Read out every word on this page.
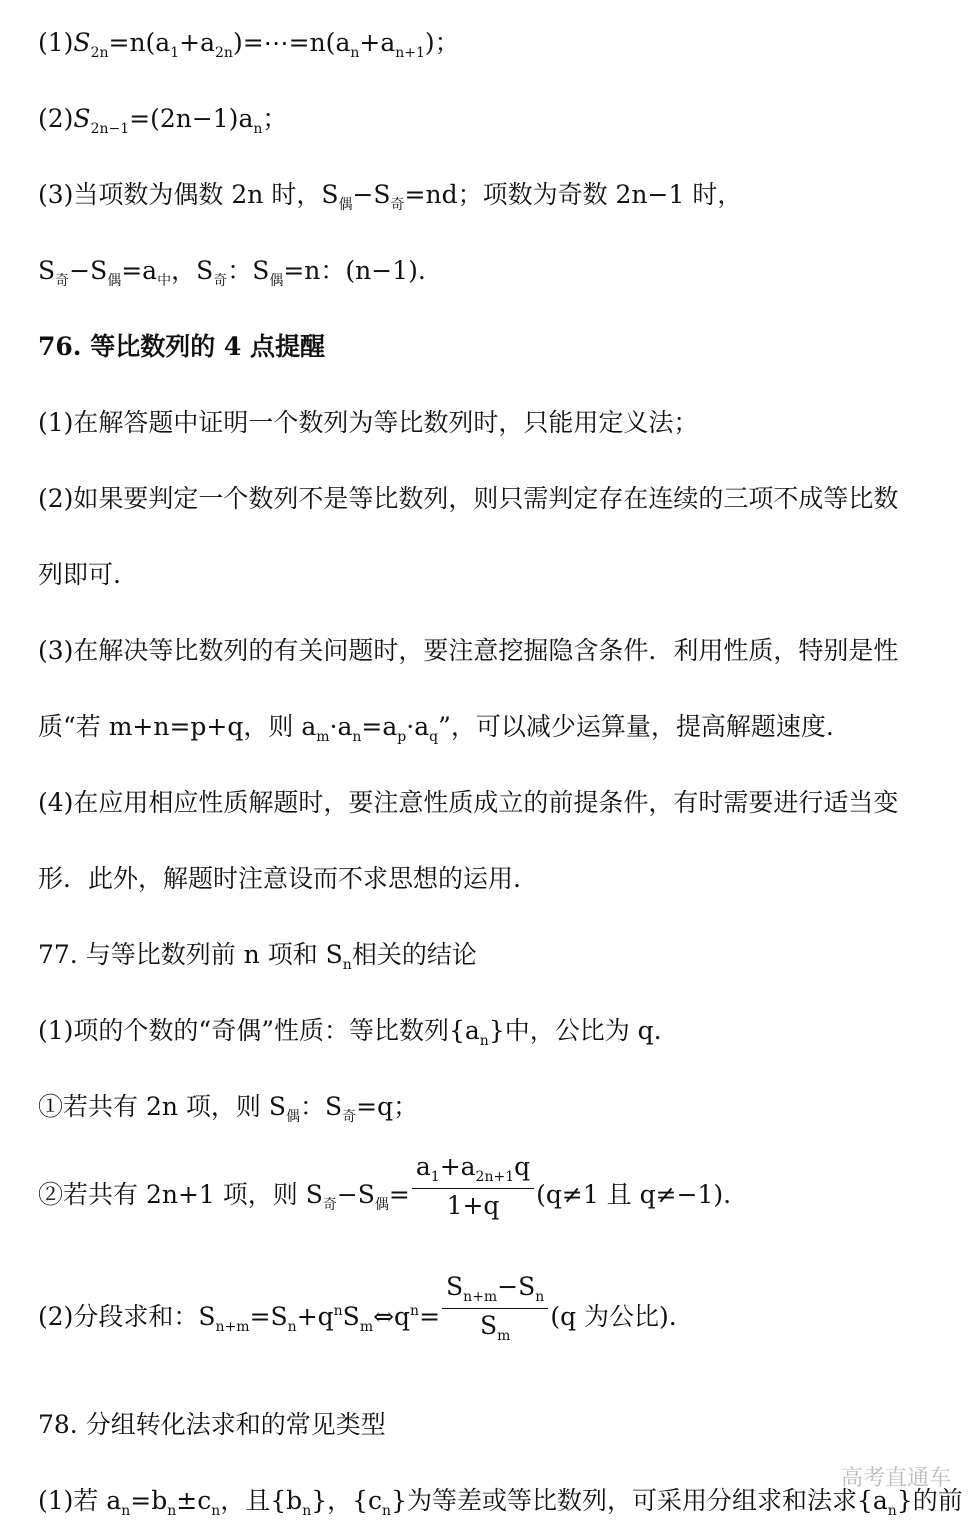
$(1)S_{2n}=n(a_1+a_{2n})=\cdots=n(a_n+a_{n+1})$；
$(2)S_{2n-1}=(2n-1)a_n$；
(3)当项数为偶数 2n 时，$S_偶-S_奇=nd$；项数为奇数 2n−1 时，
$S_奇-S_偶=a_中$，$S_奇$：$S_偶=n$：(n−1).
76. 等比数列的 4 点提醒
(1)在解答题中证明一个数列为等比数列时，只能用定义法；
(2)如果要判定一个数列不是等比数列，则只需判定存在连续的三项不成等比数
列即可.
(3)在解决等比数列的有关问题时，要注意挖掘隐含条件．利用性质，特别是性
质“若 m+n=p+q，则 $a_m\cdot a_n=a_p\cdot a_q$”，可以减少运算量，提高解题速度.
(4)在应用相应性质解题时，要注意性质成立的前提条件，有时需要进行适当变
形．此外，解题时注意设而不求思想的运用.
77. 与等比数列前 n 项和 $S_n$相关的结论
(1)项的个数的“奇偶”性质：等比数列$\{a_n\}$中，公比为 q.
①若共有 2n 项，则 $S_偶$：$S_奇=q$；
②若共有 2n+1 项，则 $S_奇-S_偶= \frac{a_1+a_{2n+1}q}{1+q} (q\ne 1$ 且 q≠−1).
(2)分段求和：$S_{n+m}=S_n+q^nS_m\Leftrightarrow q^n= \frac{S_{n+m}-S_n}{S_m} (q$ 为公比).
78. 分组转化法求和的常见类型
(1)若 $a_n=b_n\pm c_n$，且$\{b_n\}$，$\{c_n\}$为等差或等比数列，可采用分组求和法求$\{a_n\}$的前
高考直通车
